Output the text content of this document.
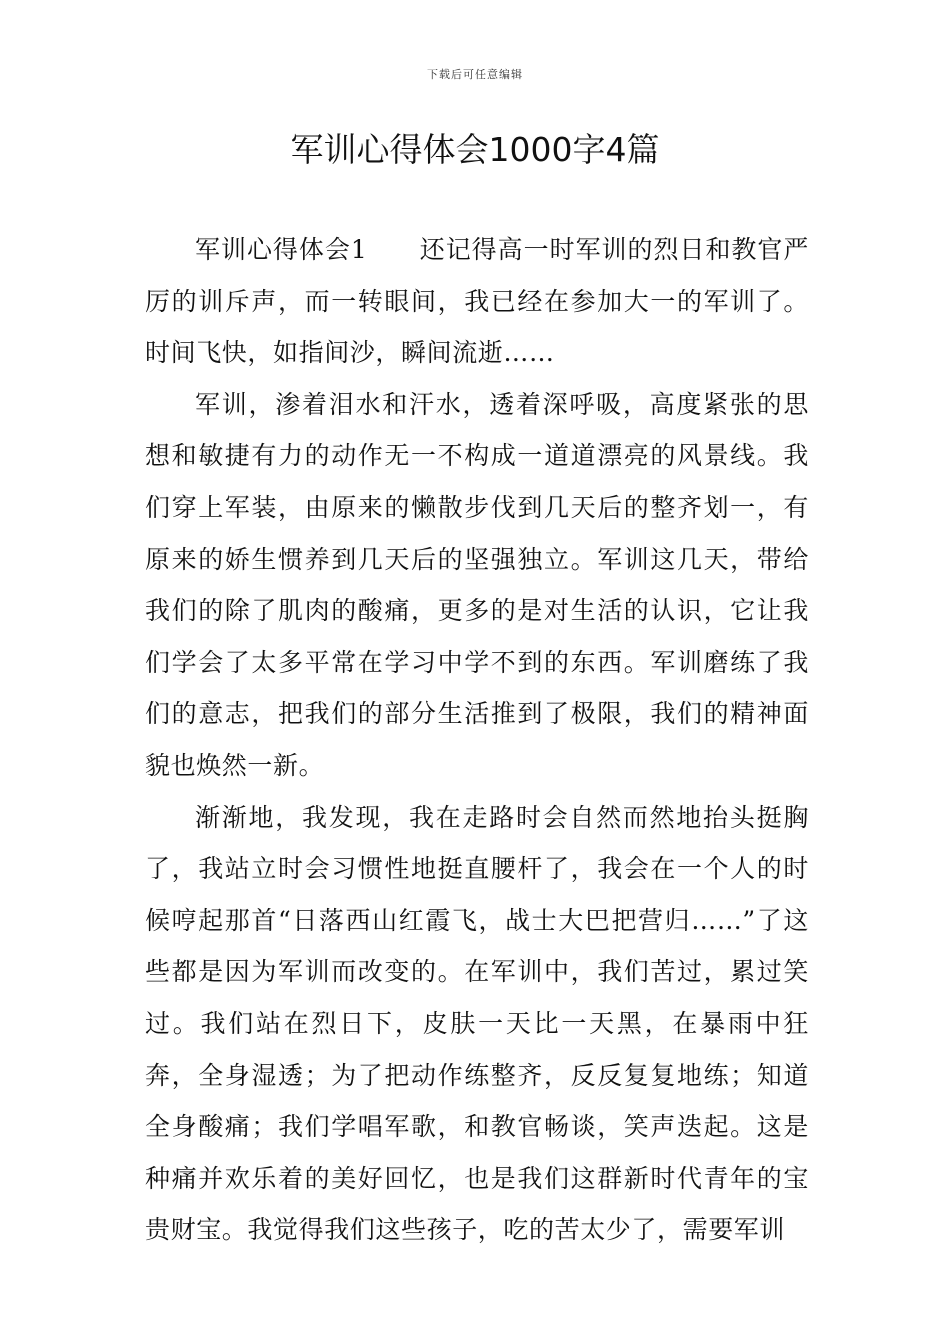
下载后可任意编辑
军训心得体会1000字4篇

军训心得体会1 还记得高一时军训的烈日和教官严厉的训斥声，而一转眼间，我已经在参加大一的军训了。时间飞快，如指间沙，瞬间流逝……

军训，渗着泪水和汗水，透着深呼吸，高度紧张的思想和敏捷有力的动作无一不构成一道道漂亮的风景线。我们穿上军装，由原来的懒散步伐到几天后的整齐划一，有原来的娇生惯养到几天后的坚强独立。军训这几天，带给我们的除了肌肉的酸痛，更多的是对生活的认识，它让我们学会了太多平常在学习中学不到的东西。军训磨练了我们的意志，把我们的部分生活推到了极限，我们的精神面貌也焕然一新。

渐渐地，我发现，我在走路时会自然而然地抬头挺胸了，我站立时会习惯性地挺直腰杆了，我会在一个人的时候哼起那首“日落西山红霞飞，战士大巴把营归……”了这些都是因为军训而改变的。在军训中，我们苦过，累过笑过。我们站在烈日下，皮肤一天比一天黑，在暴雨中狂奔，全身湿透；为了把动作练整齐，反反复复地练；知道全身酸痛；我们学唱军歌，和教官畅谈，笑声迭起。这是种痛并欢乐着的美好回忆，也是我们这群新时代青年的宝贵财宝。我觉得我们这些孩子，吃的苦太少了，需要军训
